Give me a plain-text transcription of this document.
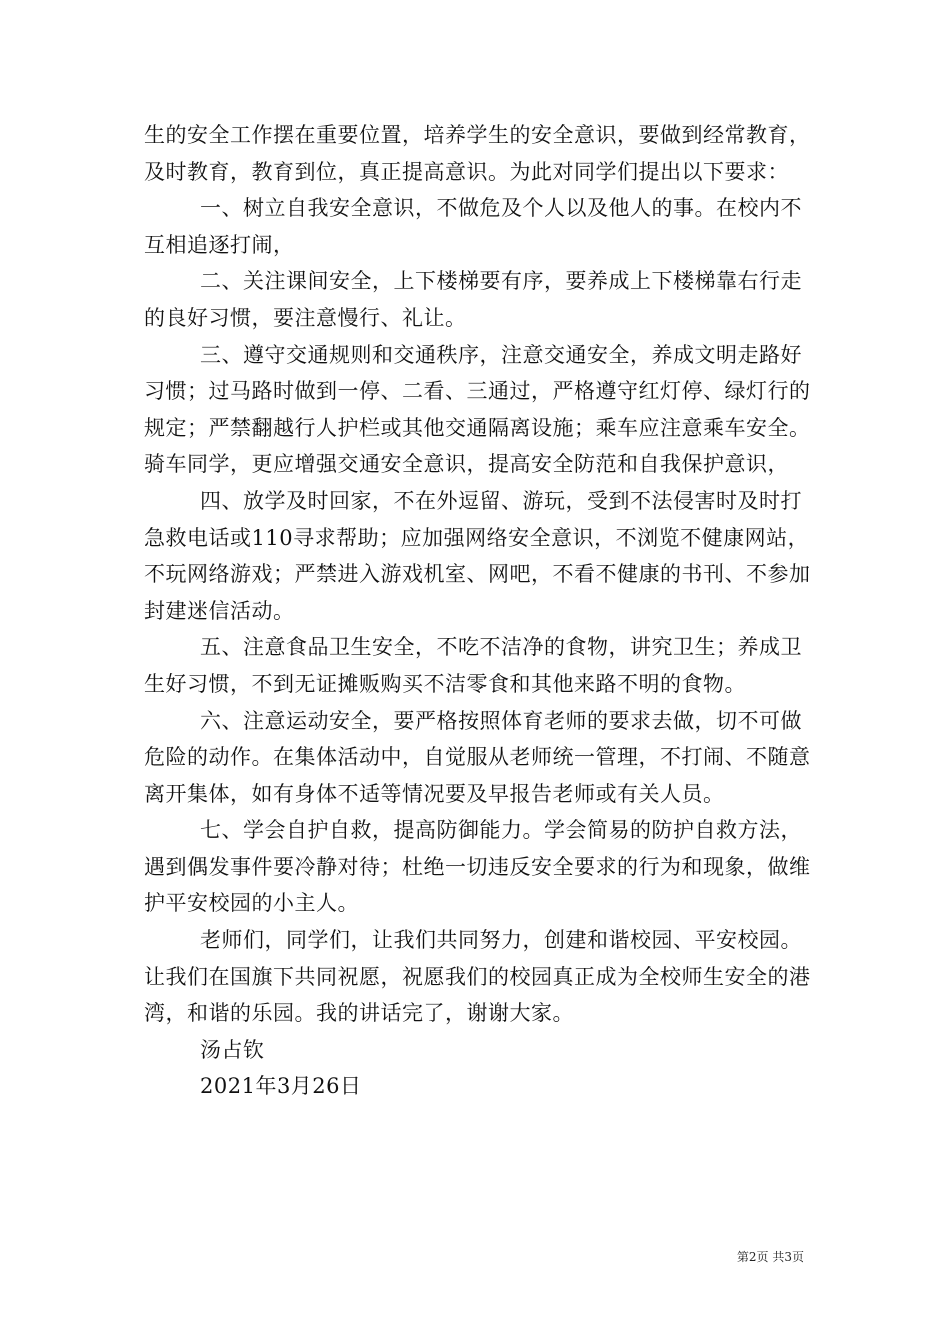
生的安全工作摆在重要位置，培养学生的安全意识，要做到经常教育，及时教育，教育到位，真正提高意识。为此对同学们提出以下要求：

一、树立自我安全意识，不做危及个人以及他人的事。在校内不互相追逐打闹，

二、关注课间安全，上下楼梯要有序，要养成上下楼梯靠右行走的良好习惯，要注意慢行、礼让。

三、遵守交通规则和交通秩序，注意交通安全，养成文明走路好习惯；过马路时做到一停、二看、三通过，严格遵守红灯停、绿灯行的规定；严禁翻越行人护栏或其他交通隔离设施；乘车应注意乘车安全。骑车同学，更应增强交通安全意识，提高安全防范和自我保护意识，

四、放学及时回家，不在外逗留、游玩，受到不法侵害时及时打急救电话或110寻求帮助；应加强网络安全意识，不浏览不健康网站，不玩网络游戏；严禁进入游戏机室、网吧，不看不健康的书刊、不参加封建迷信活动。

五、注意食品卫生安全，不吃不洁净的食物，讲究卫生；养成卫生好习惯，不到无证摊贩购买不洁零食和其他来路不明的食物。

六、注意运动安全，要严格按照体育老师的要求去做，切不可做危险的动作。在集体活动中，自觉服从老师统一管理，不打闹、不随意离开集体，如有身体不适等情况要及早报告老师或有关人员。

七、学会自护自救，提高防御能力。学会简易的防护自救方法，遇到偶发事件要冷静对待；杜绝一切违反安全要求的行为和现象，做维护平安校园的小主人。

老师们，同学们，让我们共同努力，创建和谐校园、平安校园。让我们在国旗下共同祝愿，祝愿我们的校园真正成为全校师生安全的港湾，和谐的乐园。我的讲话完了，谢谢大家。

汤占钦

2021年3月26日

第2页 共3页
